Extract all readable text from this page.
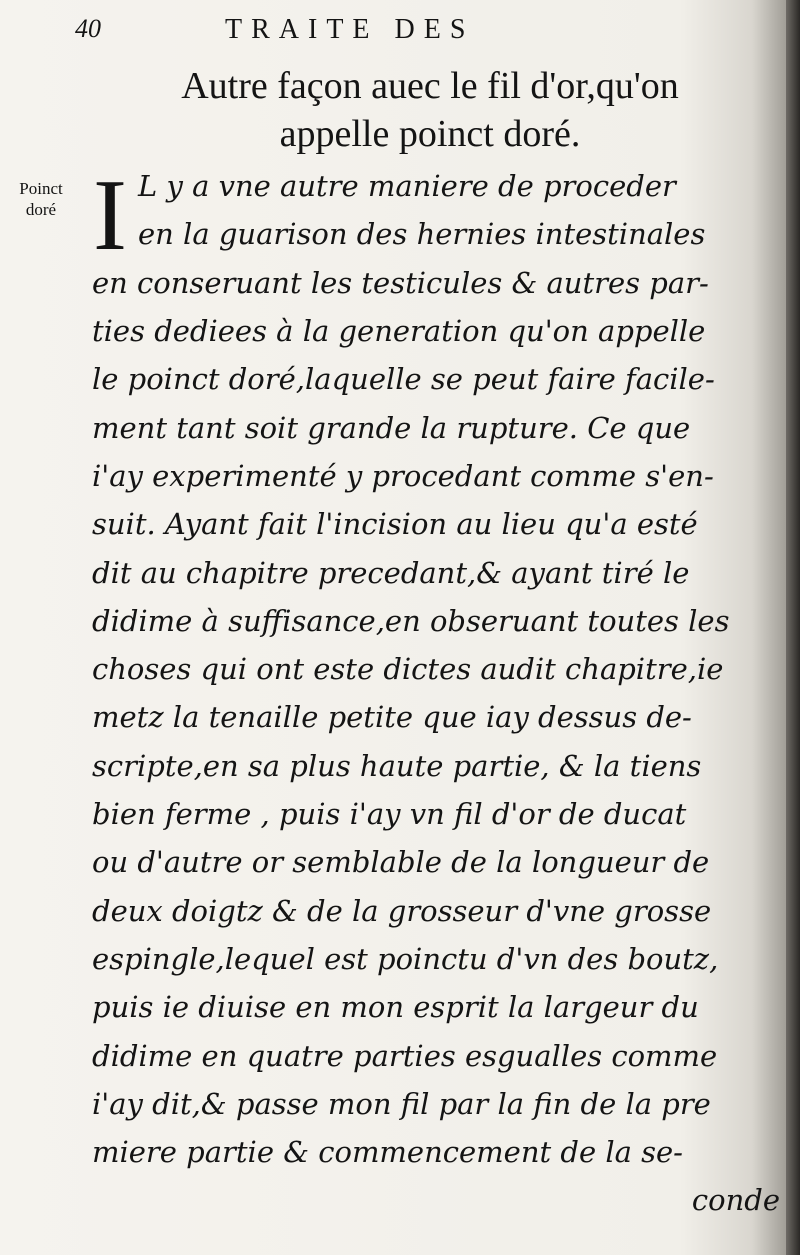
40	TRAITE DES
Autre façon auec le fil d'or,qu'on
appelle poinct doré.
Poinct
doré I L y a vne autre maniere de proceder
en la guarison des hernies intestinales
en conseruant les testicules & autres par-
ties dediees à la generation qu'on appelle
le poinct doré,laquelle se peut faire facile-
ment tant soit grande la rupture. Ce que
i'ay experimenté y procedant comme s'en-
suit. Ayant fait l'incision au lieu qu'a esté
dit au chapitre precedant,& ayant tiré le
didime à suffisance,en obseruant toutes les
choses qui ont este dictes audit chapitre,ie
metz la tenaille petite que iay dessus de-
scripte,en sa plus haute partie, & la tiens
bien ferme , puis i'ay vn fil d'or de ducat
ou d'autre or semblable de la longueur de
deux doigtz & de la grosseur d'vne grosse
espingle,lequel est poinctu d'vn des boutz,
puis ie diuise en mon esprit la largeur du
didime en quatre parties esgualles comme
i'ay dit,& passe mon fil par la fin de la pre
miere partie & commencement de la se-
conde
